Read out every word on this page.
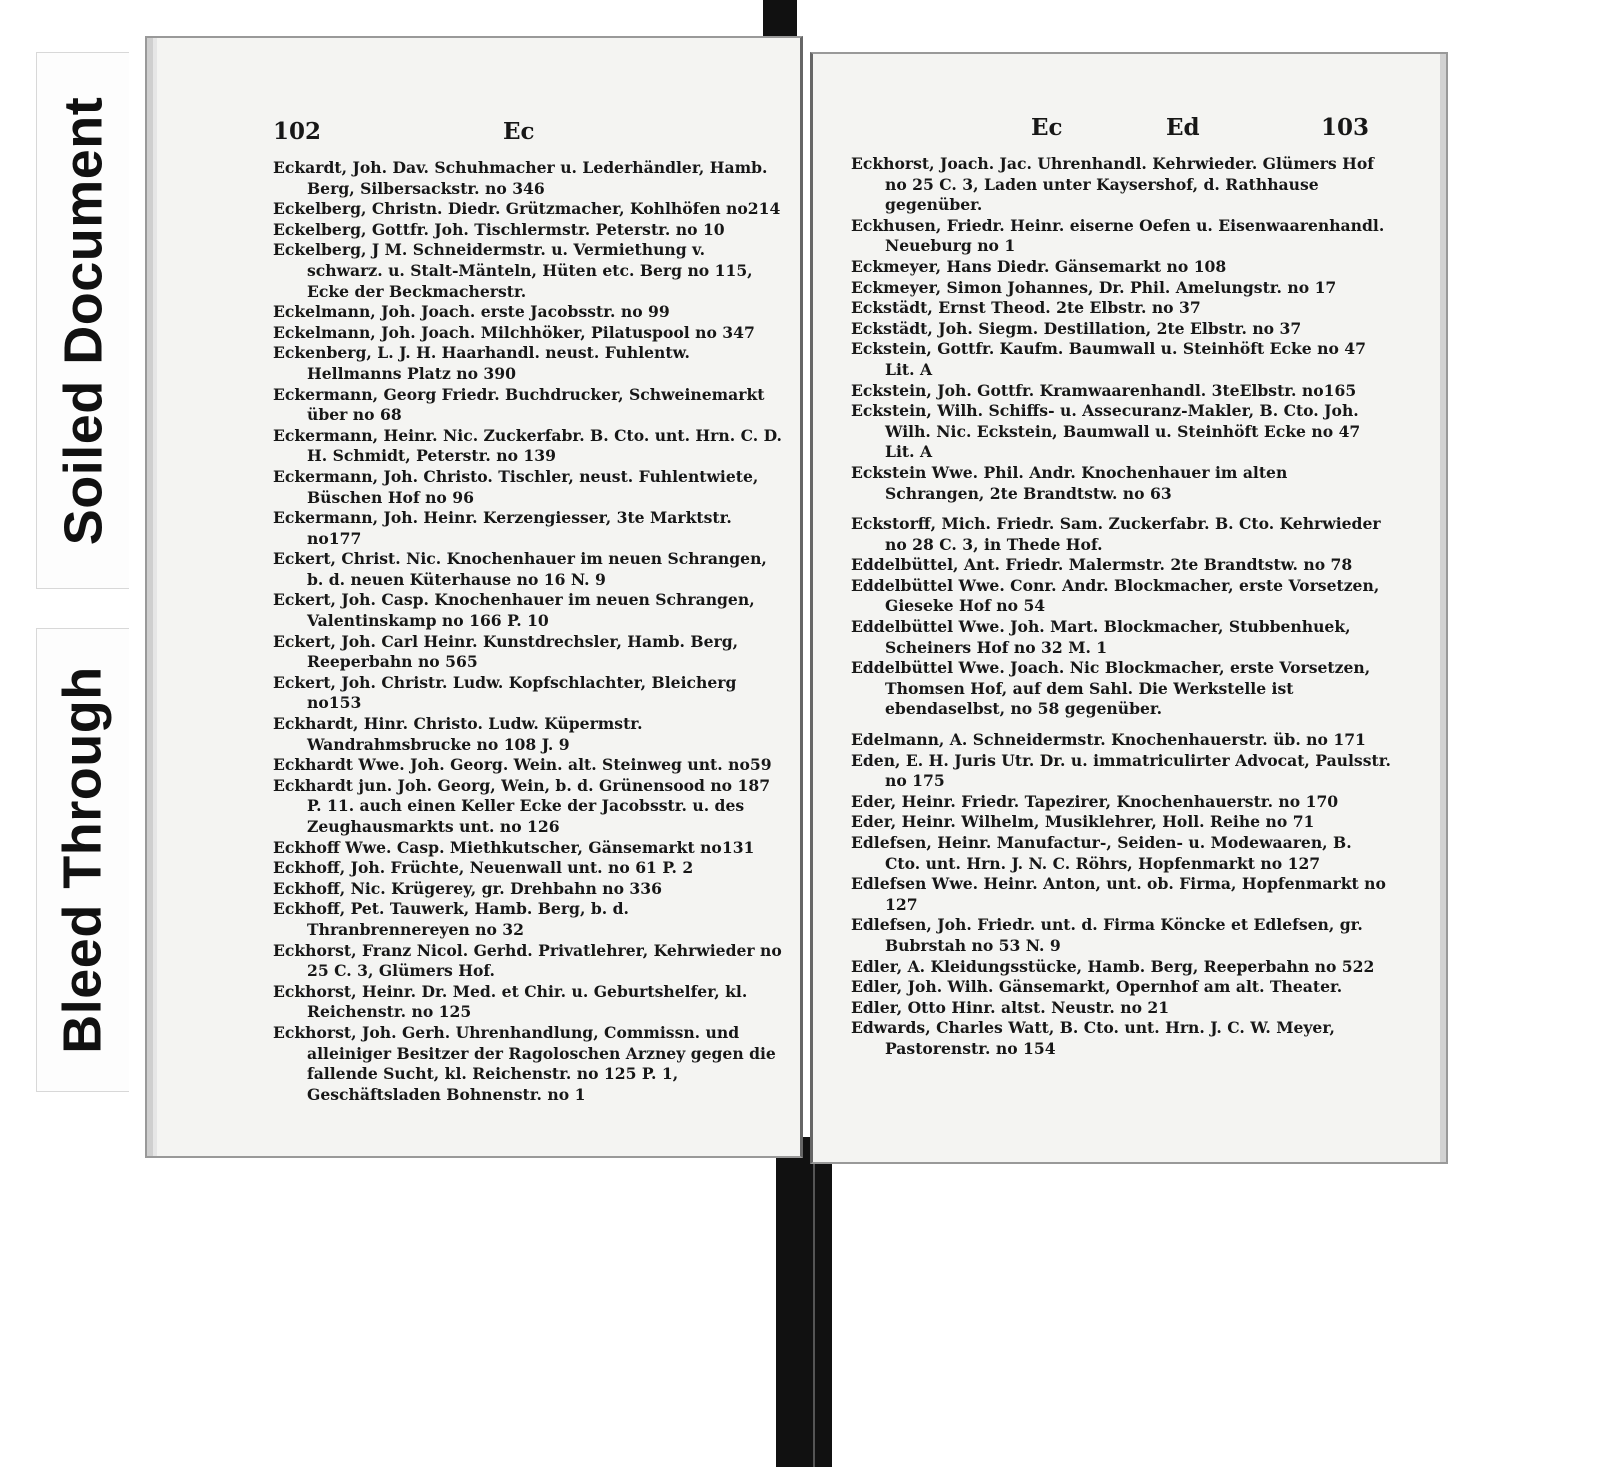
Soiled Document
Bleed Through
102	Ec

Eckardt, Joh. Dav. Schuhmacher u. Lederhändler, Hamb. Berg, Silbersackstr. no 346

Eckelberg, Christn. Diedr. Grützmacher, Kohlhöfen no214

Eckelberg, Gottfr. Joh. Tischlermstr. Peterstr. no 10

Eckelberg, J M. Schneidermstr. u. Vermiethung v. schwarz. u. Stalt-Mänteln, Hüten etc. Berg no 115, Ecke der Beckmacherstr.

Eckelmann, Joh. Joach. erste Jacobsstr. no 99

Eckelmann, Joh. Joach. Milchhöker, Pilatuspool no 347

Eckenberg, L. J. H. Haarhandl. neust. Fuhlentw. Hellmanns Platz no 390

Eckermann, Georg Friedr. Buchdrucker, Schweinemarkt über no 68

Eckermann, Heinr. Nic. Zuckerfabr. B. Cto. unt. Hrn. C. D. H. Schmidt, Peterstr. no 139

Eckermann, Joh. Christo. Tischler, neust. Fuhlentwiete, Büschen Hof no 96

Eckermann, Joh. Heinr. Kerzengiesser, 3te Marktstr. no177

Eckert, Christ. Nic. Knochenhauer im neuen Schrangen, b. d. neuen Küterhause no 16 N. 9

Eckert, Joh. Casp. Knochenhauer im neuen Schrangen, Valentinskamp no 166 P. 10

Eckert, Joh. Carl Heinr. Kunstdrechsler, Hamb. Berg, Reeperbahn no 565

Eckert, Joh. Christr. Ludw. Kopfschlachter, Bleicherg no153

Eckhardt, Hinr. Christo. Ludw. Küpermstr. Wandrahmsbrucke no 108 J. 9

Eckhardt Wwe. Joh. Georg. Wein. alt. Steinweg unt. no59

Eckhardt jun. Joh. Georg, Wein, b. d. Grünensood no 187 P. 11. auch einen Keller Ecke der Jacobsstr. u. des Zeughausmarkts unt. no 126

Eckhoff Wwe. Casp. Miethkutscher, Gänsemarkt no131

Eckhoff, Joh. Früchte, Neuenwall unt. no 61 P. 2

Eckhoff, Nic. Krügerey, gr. Drehbahn no 336

Eckhoff, Pet. Tauwerk, Hamb. Berg, b. d. Thranbrennereyen no 32

Eckhorst, Franz Nicol. Gerhd. Privatlehrer, Kehrwieder no 25 C. 3, Glümers Hof.

Eckhorst, Heinr. Dr. Med. et Chir. u. Geburtshelfer, kl. Reichenstr. no 125

Eckhorst, Joh. Gerh. Uhrenhandlung, Commissn. und alleiniger Besitzer der Ragoloschen Arzney gegen die fallende Sucht, kl. Reichenstr. no 125 P. 1, Geschäftsladen Bohnenstr. no 1

Ec	Ed	103

Eckhorst, Joach. Jac. Uhrenhandl. Kehrwieder. Glümers Hof no 25 C. 3, Laden unter Kaysershof, d. Rathhause gegenüber.

Eckhusen, Friedr. Heinr. eiserne Oefen u. Eisenwaarenhandl. Neueburg no 1

Eckmeyer, Hans Diedr. Gänsemarkt no 108

Eckmeyer, Simon Johannes, Dr. Phil. Amelungstr. no 17

Eckstädt, Ernst Theod. 2te Elbstr. no 37

Eckstädt, Joh. Siegm. Destillation, 2te Elbstr. no 37

Eckstein, Gottfr. Kaufm. Baumwall u. Steinhöft Ecke no 47 Lit. A

Eckstein, Joh. Gottfr. Kramwaarenhandl. 3teElbstr. no165

Eckstein, Wilh. Schiffs- u. Assecuranz-Makler, B. Cto. Joh. Wilh. Nic. Eckstein, Baumwall u. Steinhöft Ecke no 47 Lit. A

Eckstein Wwe. Phil. Andr. Knochenhauer im alten Schrangen, 2te Brandtstw. no 63

Eckstorff, Mich. Friedr. Sam. Zuckerfabr. B. Cto. Kehrwieder no 28 C. 3, in Thede Hof.

Eddelbüttel, Ant. Friedr. Malermstr. 2te Brandtstw. no 78

Eddelbüttel Wwe. Conr. Andr. Blockmacher, erste Vorsetzen, Gieseke Hof no 54

Eddelbüttel Wwe. Joh. Mart. Blockmacher, Stubbenhuek, Scheiners Hof no 32 M. 1

Eddelbüttel Wwe. Joach. Nic Blockmacher, erste Vorsetzen, Thomsen Hof, auf dem Sahl. Die Werkstelle ist ebendaselbst, no 58 gegenüber.

Edelmann, A. Schneidermstr. Knochenhauerstr. üb. no 171

Eden, E. H. Juris Utr. Dr. u. immatriculirter Advocat, Paulsstr. no 175

Eder, Heinr. Friedr. Tapezirer, Knochenhauerstr. no 170

Eder, Heinr. Wilhelm, Musiklehrer, Holl. Reihe no 71

Edlefsen, Heinr. Manufactur-, Seiden- u. Modewaaren, B. Cto. unt. Hrn. J. N. C. Röhrs, Hopfenmarkt no 127

Edlefsen Wwe. Heinr. Anton, unt. ob. Firma, Hopfenmarkt no 127

Edlefsen, Joh. Friedr. unt. d. Firma Köncke et Edlefsen, gr. Bubrstah no 53 N. 9

Edler, A. Kleidungsstücke, Hamb. Berg, Reeperbahn no 522

Edler, Joh. Wilh. Gänsemarkt, Opernhof am alt. Theater.

Edler, Otto Hinr. altst. Neustr. no 21

Edwards, Charles Watt, B. Cto. unt. Hrn. J. C. W. Meyer, Pastorenstr. no 154
